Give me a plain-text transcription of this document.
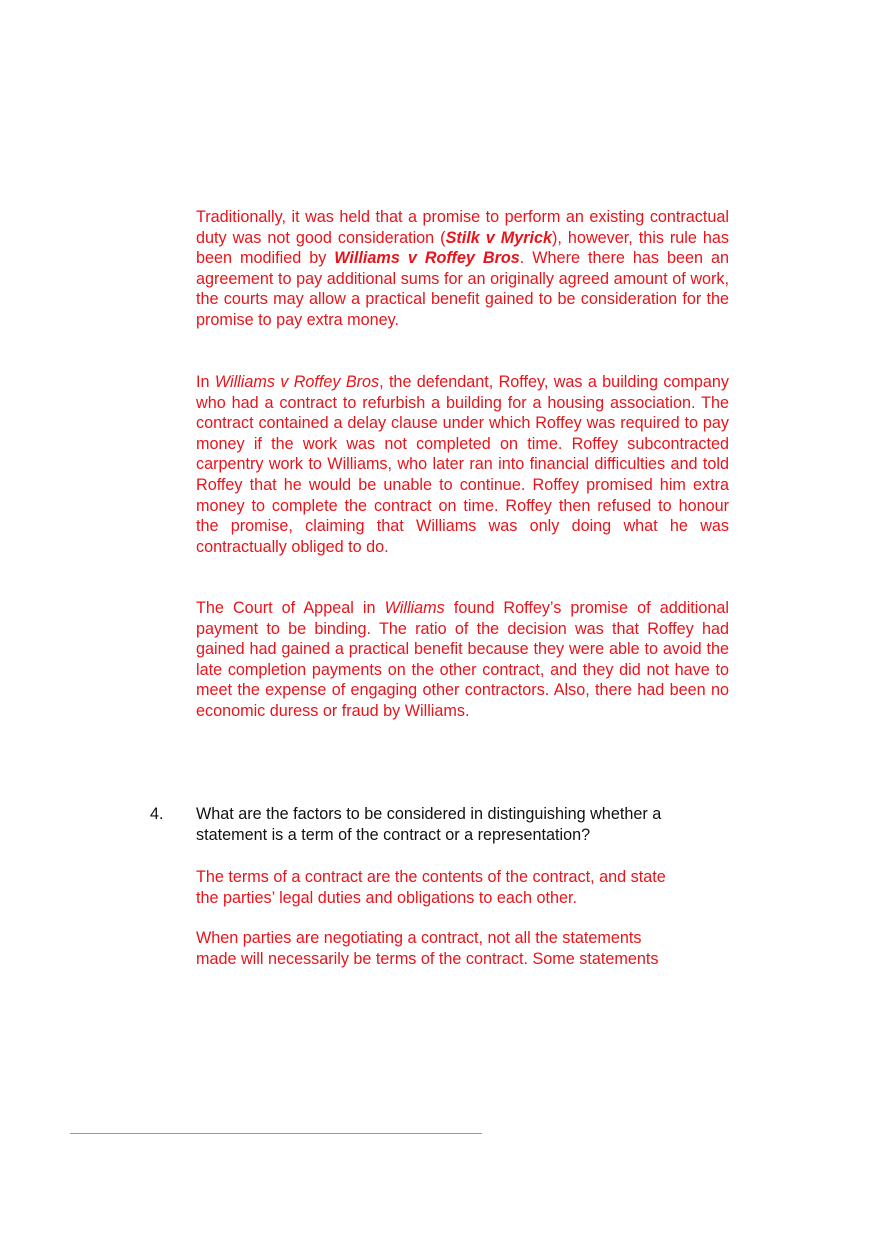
Traditionally, it was held that a promise to perform an existing contractual duty was not good consideration (Stilk v Myrick), however, this rule has been modified by Williams v Roffey Bros. Where there has been an agreement to pay additional sums for an originally agreed amount of work, the courts may allow a practical benefit gained to be consideration for the promise to pay extra money.

In Williams v Roffey Bros, the defendant, Roffey, was a building company who had a contract to refurbish a building for a housing association. The contract contained a delay clause under which Roffey was required to pay money if the work was not completed on time. Roffey subcontracted carpentry work to Williams, who later ran into financial difficulties and told Roffey that he would be unable to continue. Roffey promised him extra money to complete the contract on time. Roffey then refused to honour the promise, claiming that Williams was only doing what he was contractually obliged to do.

The Court of Appeal in Williams found Roffey’s promise of additional payment to be binding. The ratio of the decision was that Roffey had gained had gained a practical benefit because they were able to avoid the late completion payments on the other contract, and they did not have to meet the expense of engaging other contractors. Also, there had been no economic duress or fraud by Williams.

4. What are the factors to be considered in distinguishing whether a
statement is a term of the contract or a representation?
The terms of a contract are the contents of the contract, and state
the parties’ legal duties and obligations to each other.
When parties are negotiating a contract, not all the statements
made will necessarily be terms of the contract. Some statements
